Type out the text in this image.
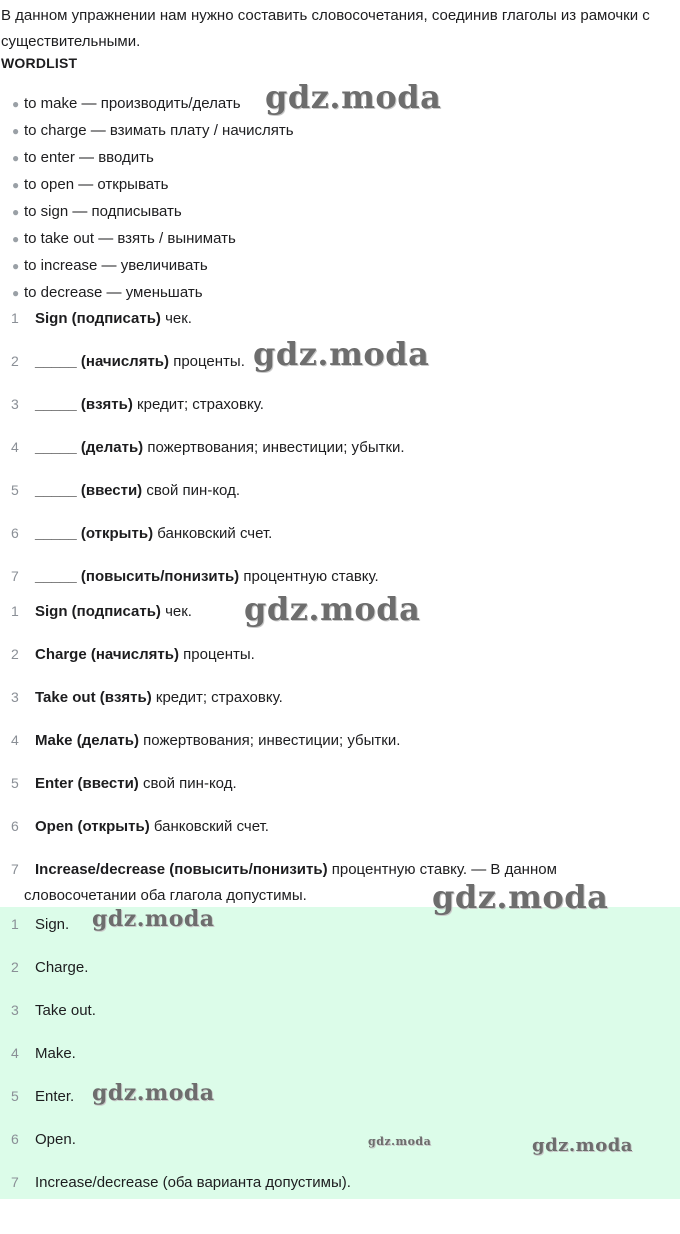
В данном упражнении нам нужно составить словосочетания, соединив глаголы из рамочки с существительными.
WORDLIST
● to make — производить/делать
● to charge — взимать плату / начислять
● to enter — вводить
● to open — открывать
● to sign — подписывать
● to take out — взять / вынимать
● to increase — увеличивать
● to decrease — уменьшать
1 Sign (подписать) чек.
2 _____ (начислять) проценты.
3 _____ (взять) кредит; страховку.
4 _____ (делать) пожертвования; инвестиции; убытки.
5 _____ (ввести) свой пин-код.
6 _____ (открыть) банковский счет.
7 _____ (повысить/понизить) процентную ставку.
1 Sign (подписать) чек.
2 Charge (начислять) проценты.
3 Take out (взять) кредит; страховку.
4 Make (делать) пожертвования; инвестиции; убытки.
5 Enter (ввести) свой пин-код.
6 Open (открыть) банковский счет.
7 Increase/decrease (повысить/понизить) процентную ставку. — В данном
словосочетании оба глагола допустимы.
1 Sign.
2 Charge.
3 Take out.
4 Make.
5 Enter.
6 Open.
7 Increase/decrease (оба варианта допустимы).
gdz.moda
gdz.moda
gdz.moda
gdz.moda
gdz.moda
gdz.moda
gdz.moda	gdz.moda
